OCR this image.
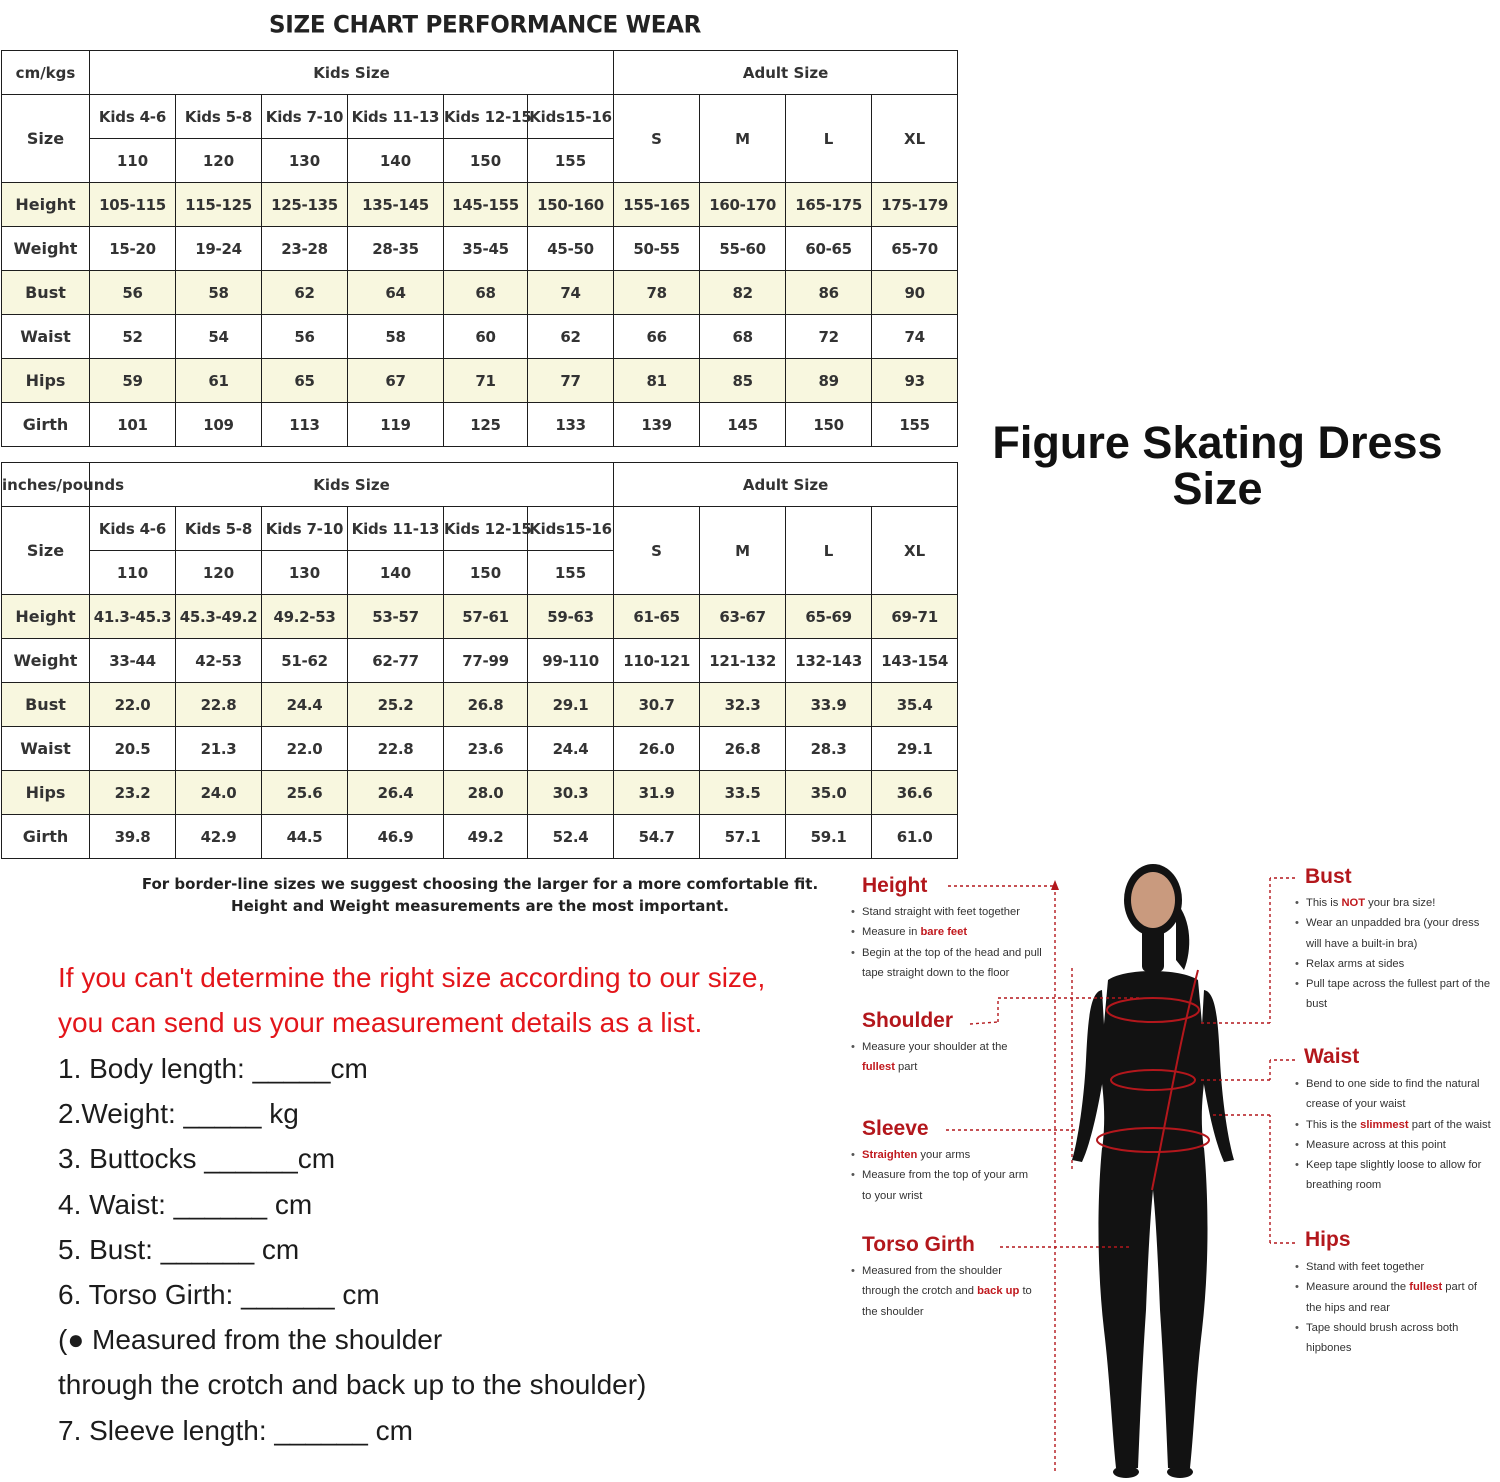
SIZE CHART PERFORMANCE WEAR
cm/kgs	Kids Size						Adult Size			
Size	Kids 4-6	Kids 5-8	Kids 7-10	Kids 11-13	Kids 12-15	Kids15-16	S	M	L	XL
	110	120	130	140	150	155				
Height	105-115	115-125	125-135	135-145	145-155	150-160	155-165	160-170	165-175	175-179
Weight	15-20	19-24	23-28	28-35	35-45	45-50	50-55	55-60	60-65	65-70
Bust	56	58	62	64	68	74	78	82	86	90
Waist	52	54	56	58	60	62	66	68	72	74
Hips	59	61	65	67	71	77	81	85	89	93
Girth	101	109	113	119	125	133	139	145	150	155
inches/pounds	Kids Size						Adult Size			
Size	Kids 4-6	Kids 5-8	Kids 7-10	Kids 11-13	Kids 12-15	Kids15-16	S	M	L	XL
	110	120	130	140	150	155				
Height	41.3-45.3	45.3-49.2	49.2-53	53-57	57-61	59-63	61-65	63-67	65-69	69-71
Weight	33-44	42-53	51-62	62-77	77-99	99-110	110-121	121-132	132-143	143-154
Bust	22.0	22.8	24.4	25.2	26.8	29.1	30.7	32.3	33.9	35.4
Waist	20.5	21.3	22.0	22.8	23.6	24.4	26.0	26.8	28.3	29.1
Hips	23.2	24.0	25.6	26.4	28.0	30.3	31.9	33.5	35.0	36.6
Girth	39.8	42.9	44.5	46.9	49.2	52.4	54.7	57.1	59.1	61.0
For border-line sizes we suggest choosing the larger for a more comfortable fit.
Height and Weight measurements are the most important.
Figure Skating Dress Size
If you can't determine the right size according to our size,
you can send us your measurement details as a list.
1. Body length: _____cm
2.Weight: _____ kg
3. Buttocks ______cm
4. Waist: ______ cm
5. Bust: ______ cm
6. Torso Girth: ______ cm
(● Measured from the shoulder
through the crotch and back up to the shoulder)
7. Sleeve length: ______ cm
Height
• Stand straight with feet together
• Measure in bare feet
• Begin at the top of the head and pull tape straight down to the floor
Shoulder
• Measure your shoulder at the fullest part
Sleeve
• Straighten your arms
• Measure from the top of your arm to your wrist
Torso Girth
• Measured from the shoulder through the crotch and back up to the shoulder
Bust
• This is NOT your bra size!
• Wear an unpadded bra (your dress will have a built-in bra)
• Relax arms at sides
• Pull tape across the fullest part of the bust
Waist
• Bend to one side to find the natural crease of your waist
• This is the slimmest part of the waist
• Measure across at this point
• Keep tape slightly loose to allow for breathing room
Hips
• Stand with feet together
• Measure around the fullest part of the hips and rear
• Tape should brush across both hipbones
